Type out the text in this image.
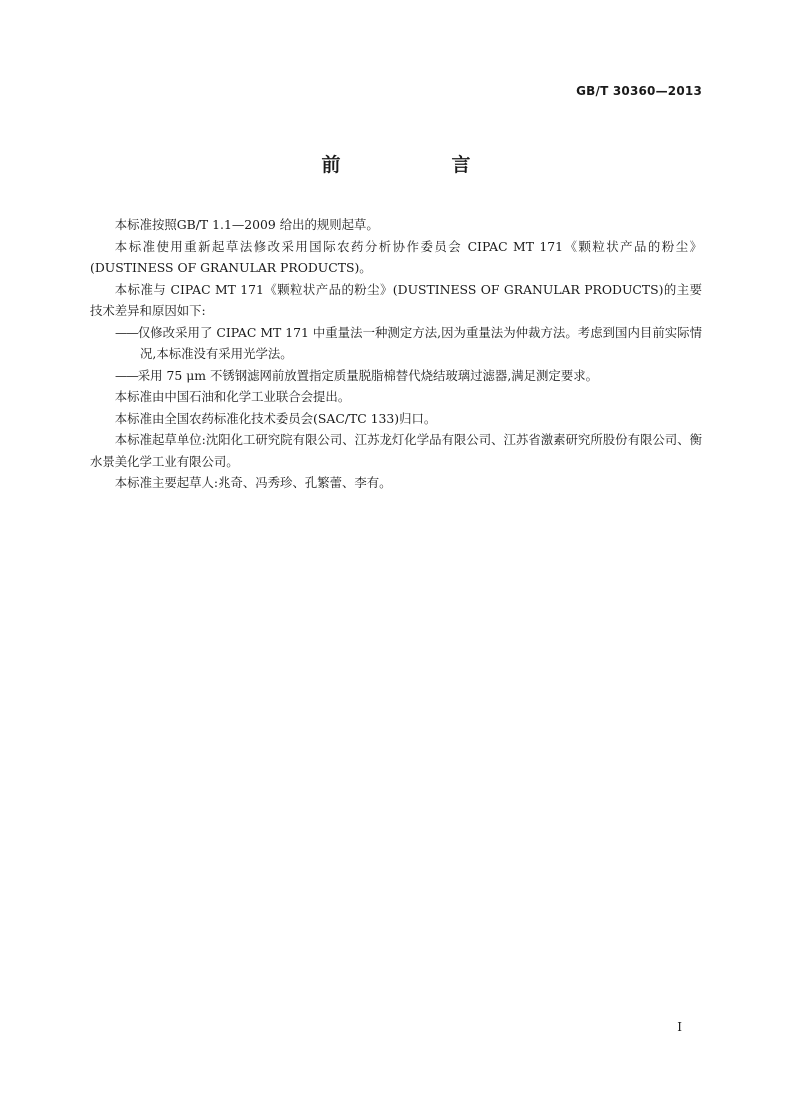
GB/T 30360—2013
前　言

本标准按照GB/T 1.1—2009 给出的规则起草。

本标准使用重新起草法修改采用国际农药分析协作委员会 CIPAC MT 171《颗粒状产品的粉尘》(DUSTINESS OF GRANULAR PRODUCTS)。

本标准与 CIPAC MT 171《颗粒状产品的粉尘》(DUSTINESS OF GRANULAR PRODUCTS)的主要技术差异和原因如下:

——仅修改采用了 CIPAC MT 171 中重量法一种测定方法,因为重量法为仲裁方法。考虑到国内目前实际情况,本标准没有采用光学法。

——采用 75 μm 不锈钢滤网前放置指定质量脱脂棉替代烧结玻璃过滤器,满足测定要求。

本标准由中国石油和化学工业联合会提出。

本标准由全国农药标准化技术委员会(SAC/TC 133)归口。

本标准起草单位:沈阳化工研究院有限公司、江苏龙灯化学品有限公司、江苏省激素研究所股份有限公司、衡水景美化学工业有限公司。

本标准主要起草人:兆奇、冯秀珍、孔繁蕾、李有。

I
